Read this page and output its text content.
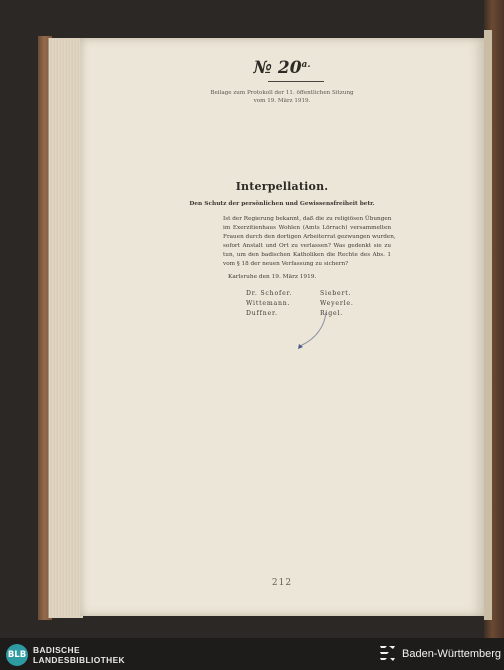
№ $20^{a.}$
Beilage zum Protokoll der 11. öffentlichen Sitzung
vom 19. März 1919.
Interpellation.
Den Schutz der persönlichen und Gewissensfreiheit betr.
Ist der Regierung bekannt, daß die zu religiösen Übungen
im Exerzitienhaus Wohlen (Amts Lörrach) versammelten
Frauen durch den dortigen Arbeiterrat gezwungen wurden,
sofort Anstalt und Ort zu verlassen? Was gedenkt sie zu
tun, um den badischen Katholiken die Rechte des Abs. 1
vom § 18 der neuen Verfassung zu sichern?
Karlsruhe den 19. März 1919.
Dr. Schofer.
Wittemann.
Duffner.
Siebert.
Weyerle.
Rigel.
212
BLB BADISCHE
LANDESBIBLIOTHEK	Baden-Württemberg
